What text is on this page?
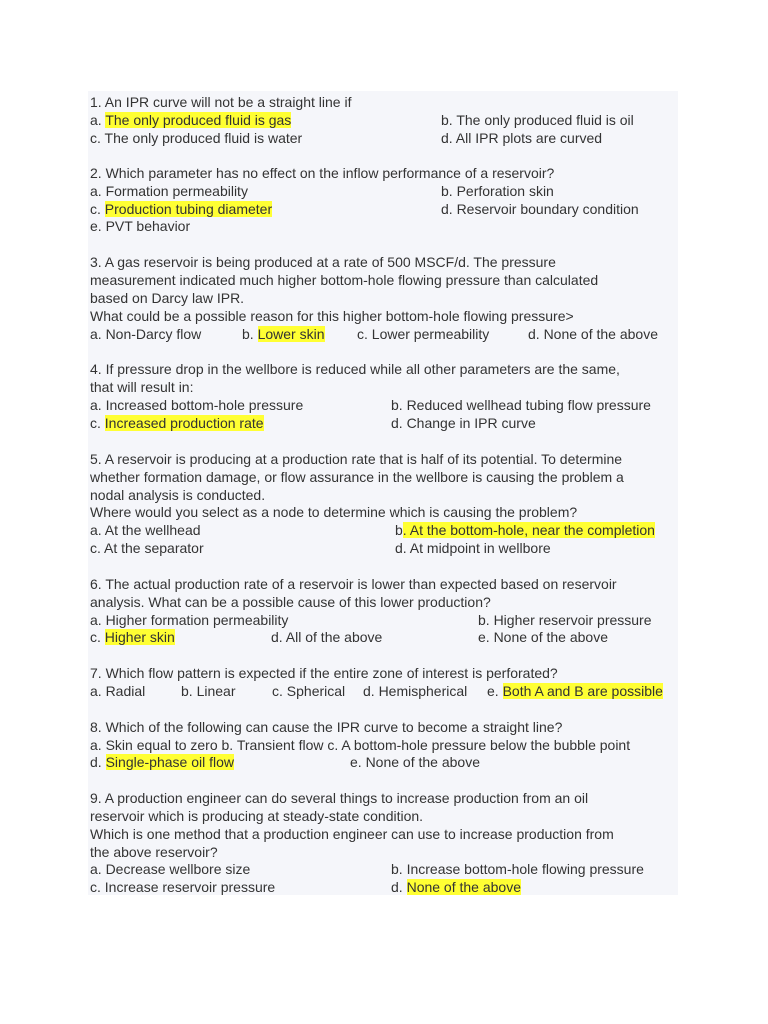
1. An IPR curve will not be a straight line if
a. The only produced fluid is gas	b. The only produced fluid is oil
c. The only produced fluid is water	d. All IPR plots are curved
2. Which parameter has no effect on the inflow performance of a reservoir?
a. Formation permeability	b. Perforation skin
c. Production tubing diameter	d. Reservoir boundary condition
e. PVT behavior
3. A gas reservoir is being produced at a rate of 500 MSCF/d. The pressure
measurement indicated much higher bottom-hole flowing pressure than calculated
based on Darcy law IPR.
What could be a possible reason for this higher bottom-hole flowing pressure>
a. Non-Darcy flow	b. Lower skin c. Lower permeability	d. None of the above
4. If pressure drop in the wellbore is reduced while all other parameters are the same,
that will result in:
a. Increased bottom-hole pressure	b. Reduced wellhead tubing flow pressure
c. Increased production rate	d. Change in IPR curve
5. A reservoir is producing at a production rate that is half of its potential. To determine
whether formation damage, or flow assurance in the wellbore is causing the problem a
nodal analysis is conducted.
Where would you select as a node to determine which is causing the problem?
a. At the wellhead	b. At the bottom-hole, near the completion
c. At the separator	d. At midpoint in wellbore
6. The actual production rate of a reservoir is lower than expected based on reservoir
analysis. What can be a possible cause of this lower production?
a. Higher formation permeability	b. Higher reservoir pressure
c. Higher skin	d. All of the above	e. None of the above
7. Which flow pattern is expected if the entire zone of interest is perforated?
a. Radial	b. Linear	c. Spherical d. Hemispherical e. Both A and B are possible
8. Which of the following can cause the IPR curve to become a straight line?
a. Skin equal to zero b. Transient flow c. A bottom-hole pressure below the bubble point
d. Single-phase oil flow	e. None of the above
9. A production engineer can do several things to increase production from an oil
reservoir which is producing at steady-state condition.
Which is one method that a production engineer can use to increase production from
the above reservoir?
a. Decrease wellbore size	b. Increase bottom-hole flowing pressure
c. Increase reservoir pressure	d. None of the above
